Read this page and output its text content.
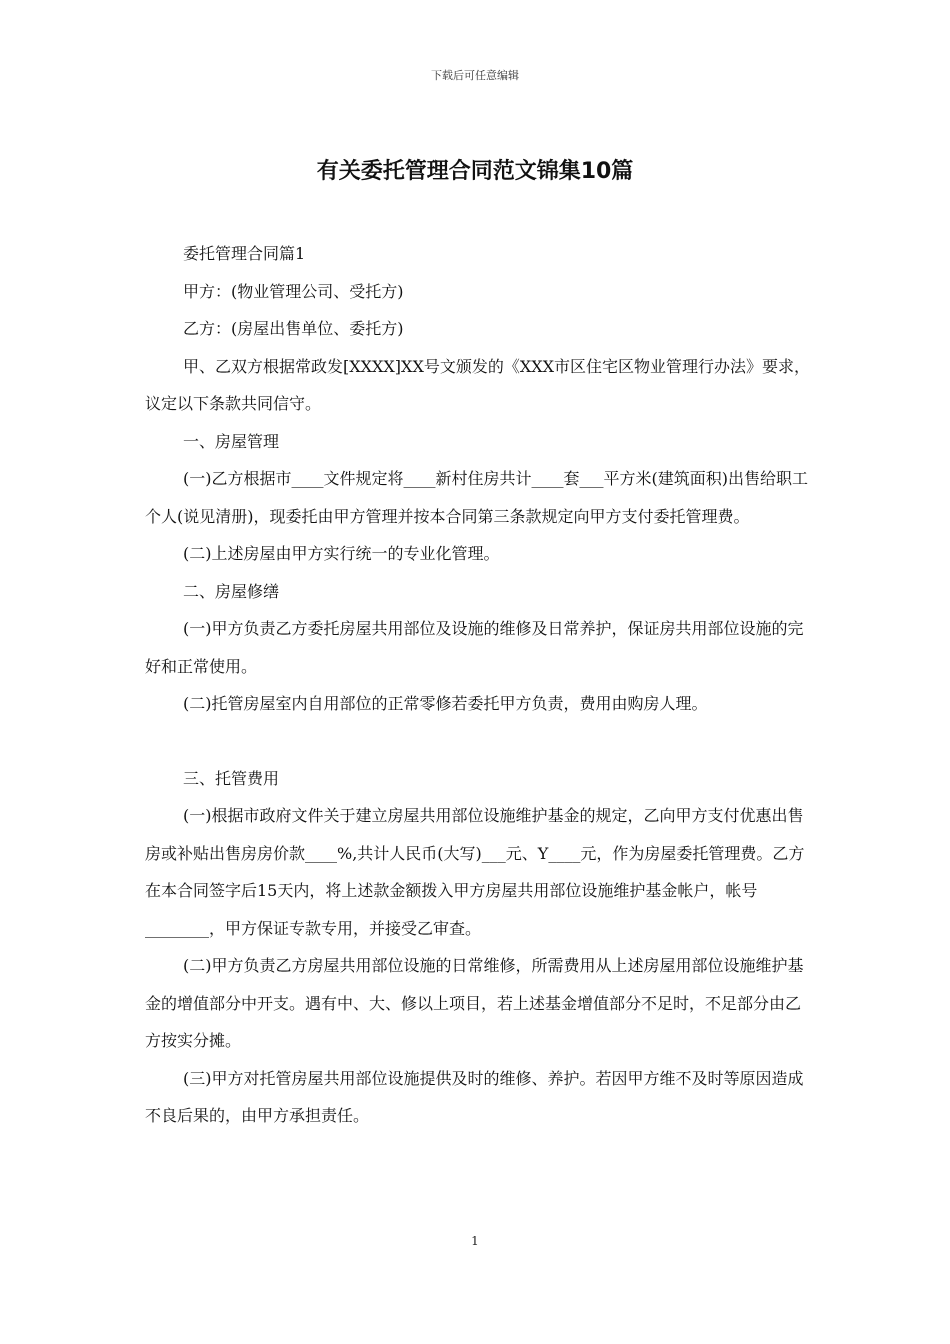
下载后可任意编辑
有关委托管理合同范文锦集10篇

委托管理合同篇1

甲方：(物业管理公司、受托方)

乙方：(房屋出售单位、委托方)

甲、乙双方根据常政发[XXXX]XX号文颁发的《XXX市区住宅区物业管理行办法》要求，议定以下条款共同信守。

一、房屋管理

(一)乙方根据市____文件规定将____新村住房共计____套___平方米(建筑面积)出售给职工个人(说见清册)，现委托由甲方管理并按本合同第三条款规定向甲方支付委托管理费。

(二)上述房屋由甲方实行统一的专业化管理。

二、房屋修缮

(一)甲方负责乙方委托房屋共用部位及设施的维修及日常养护，保证房共用部位设施的完好和正常使用。

(二)托管房屋室内自用部位的正常零修若委托甲方负责，费用由购房人理。

三、托管费用

(一)根据市政府文件关于建立房屋共用部位设施维护基金的规定，乙向甲方支付优惠出售房或补贴出售房房价款____%,共计人民币(大写)___元、Y____元，作为房屋委托管理费。乙方在本合同签字后15天内，将上述款金额拨入甲方房屋共用部位设施维护基金帐户，帐号________，甲方保证专款专用，并接受乙审查。

(二)甲方负责乙方房屋共用部位设施的日常维修，所需费用从上述房屋用部位设施维护基金的增值部分中开支。遇有中、大、修以上项目，若上述基金增值部分不足时，不足部分由乙方按实分摊。

(三)甲方对托管房屋共用部位设施提供及时的维修、养护。若因甲方维不及时等原因造成不良后果的，由甲方承担责任。

1
